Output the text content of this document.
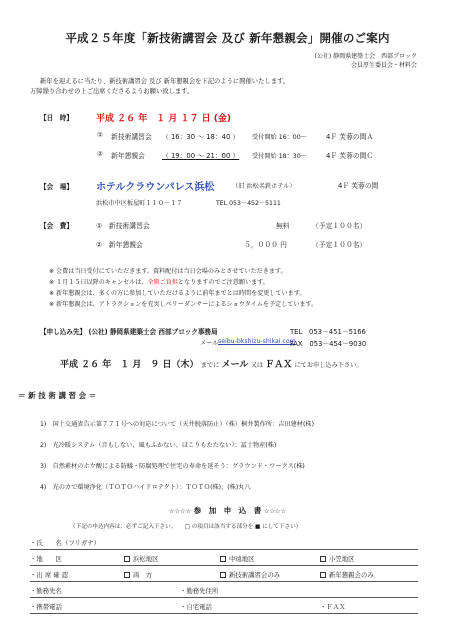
平成２５年度「新技術講習会 及び 新年懇親会」開催のご案内
(公社) 静岡県建築士会　西部ブロック
会員厚生委員会・材料会
新年を迎えるに当たり、新技術講習会 及び 新年懇親会を下記のように開催いたします。
万障繰り合わせの上ご出席くださるようお願い致します。
【日　時】	平成 ２６ 年　１ 月 １７ 日 (金)
① 新技術講習会 （ 16：30 ～ 18：40 ） 受付開始 16：00～	4Ｆ 芙蓉の間Ａ
② 新年懇親会	（ 19：00 ～ 21：00 ） 受付開始 18：30～	4Ｆ 芙蓉の間Ｃ
【会　場】 ホテルクラウンパレス浜松	（旧 浜松名鉄ホテル）	4Ｆ 芙蓉の間
浜松市中区板屋町１１０－１７	TEL 053－452－5111
【会　費】	①　新技術講習会	無料	（予定１００名）
②　新年懇親会	５，０００ 円	（予定１００名）
※ 会費は当日受付にていただきます。資料配付は当日会場のみとさせていただきます。
※ １月１５日以降のキャンセルは、全額ご負担となりますのでご注意願います。
※ 新年懇親会は、多くの方に参加していただけるように前年までとは時間を変更しています。
※ 新年懇親会は、アトラクションを充実しベリーダンサーによるショウタイムを予定しています。
【申し込み先】 (公社) 静岡県建築士会 西部ブロック事務局	TEL　053－451－5166
メール seibu-bkshizu-shikai.com
FAX　053－454－9030
平成 ２６ 年　１ 月　９ 日（木） までに メール 又は ＦＡＸ にてお申し込み下さい。
＝ 新 技 術 講 習 会 ＝
1)　国土交通省告示第７７１号への対応について（天井脱落防止）（株）桐井製作所：吉田建材(株)
2)　光冷暖システム（音もしない、風もふかない、ほこりもたたない）：冨士物産(株)
3)　自然素材のホウ酸による防蟻・防腐処理で住宅の寿命を延そう：グラウンド・ワークス(株)
4)　光のカで環境浄化（ＴＯＴＯハイドロテクト）：ＴＯＴＯ(株)、(株)丸八
☆☆☆☆ 参　加　申　込　書 ☆☆☆☆
（下記の申込内容は、必ずご記入下さい。　　□ の項目は該当する部分を ■ にして下さい）
・氏　　名（フリガナ）
・地　　区	浜松地区	中遠地区	小笠地区
・出 席 確 認	両　方	新技術講習会のみ	新年懇親会のみ
・勤務先名	・勤務先住所
・携帯電話	・自宅電話	・ＦＡＸ
